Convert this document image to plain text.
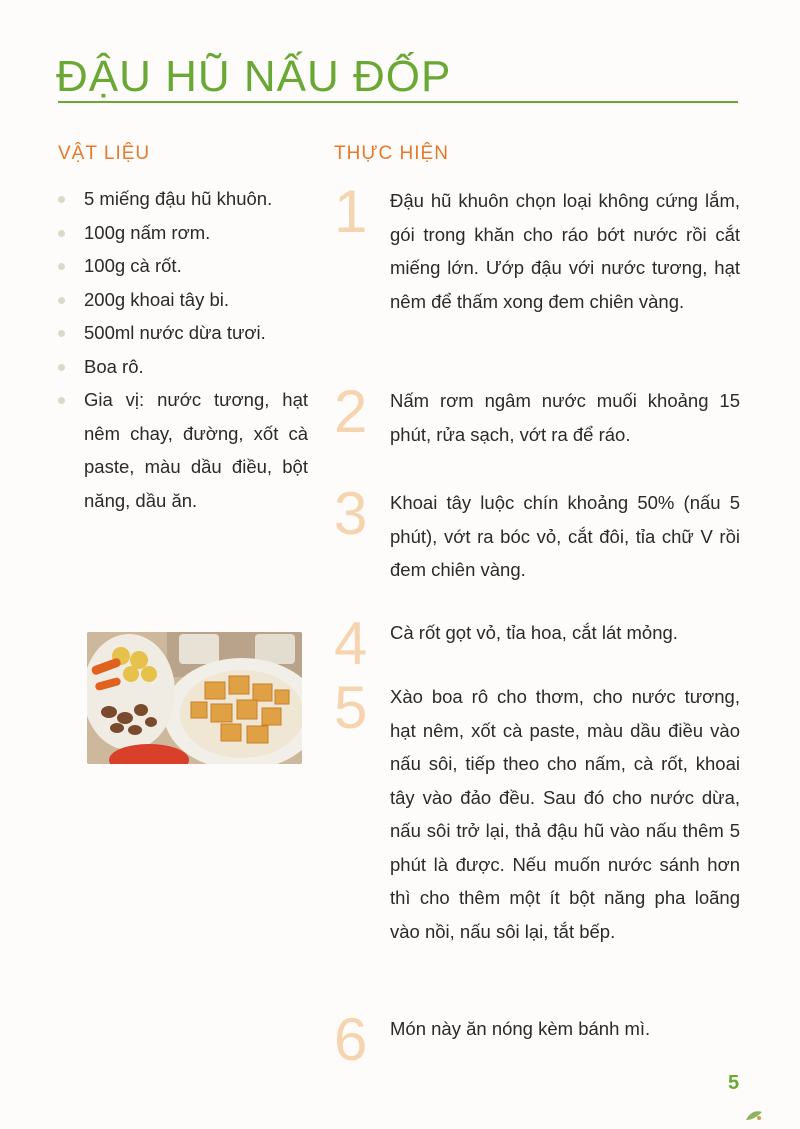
ĐẬU HŨ NẤU ĐỐP
VẬT LIỆU	THỰC HIỆN
5 miếng đậu hũ khuôn.
100g nấm rơm.
100g cà rốt.
200g khoai tây bi.
500ml nước dừa tươi.
Boa rô.
Gia vị: nước tương, hạt nêm chay, đường, xốt cà paste, màu dầu điều, bột năng, dầu ăn.
1 Đậu hũ khuôn chọn loại không cứng lắm, gói trong khăn cho ráo bớt nước rồi cắt miếng lớn. Ướp đậu với nước tương, hạt nêm để thấm xong đem chiên vàng.
2 Nấm rơm ngâm nước muối khoảng 15 phút, rửa sạch, vớt ra để ráo.
3 Khoai tây luộc chín khoảng 50% (nấu 5 phút), vớt ra bóc vỏ, cắt đôi, tỉa chữ V rồi đem chiên vàng.
4 Cà rốt gọt vỏ, tỉa hoa, cắt lát mỏng.
5 Xào boa rô cho thơm, cho nước tương, hạt nêm, xốt cà paste, màu dầu điều vào nấu sôi, tiếp theo cho nấm, cà rốt, khoai tây vào đảo đều. Sau đó cho nước dừa, nấu sôi trở lại, thả đậu hũ vào nấu thêm 5 phút là được. Nếu muốn nước sánh hơn thì cho thêm một ít bột năng pha loãng vào nồi, nấu sôi lại, tắt bếp.
6 Món này ăn nóng kèm bánh mì.
5
